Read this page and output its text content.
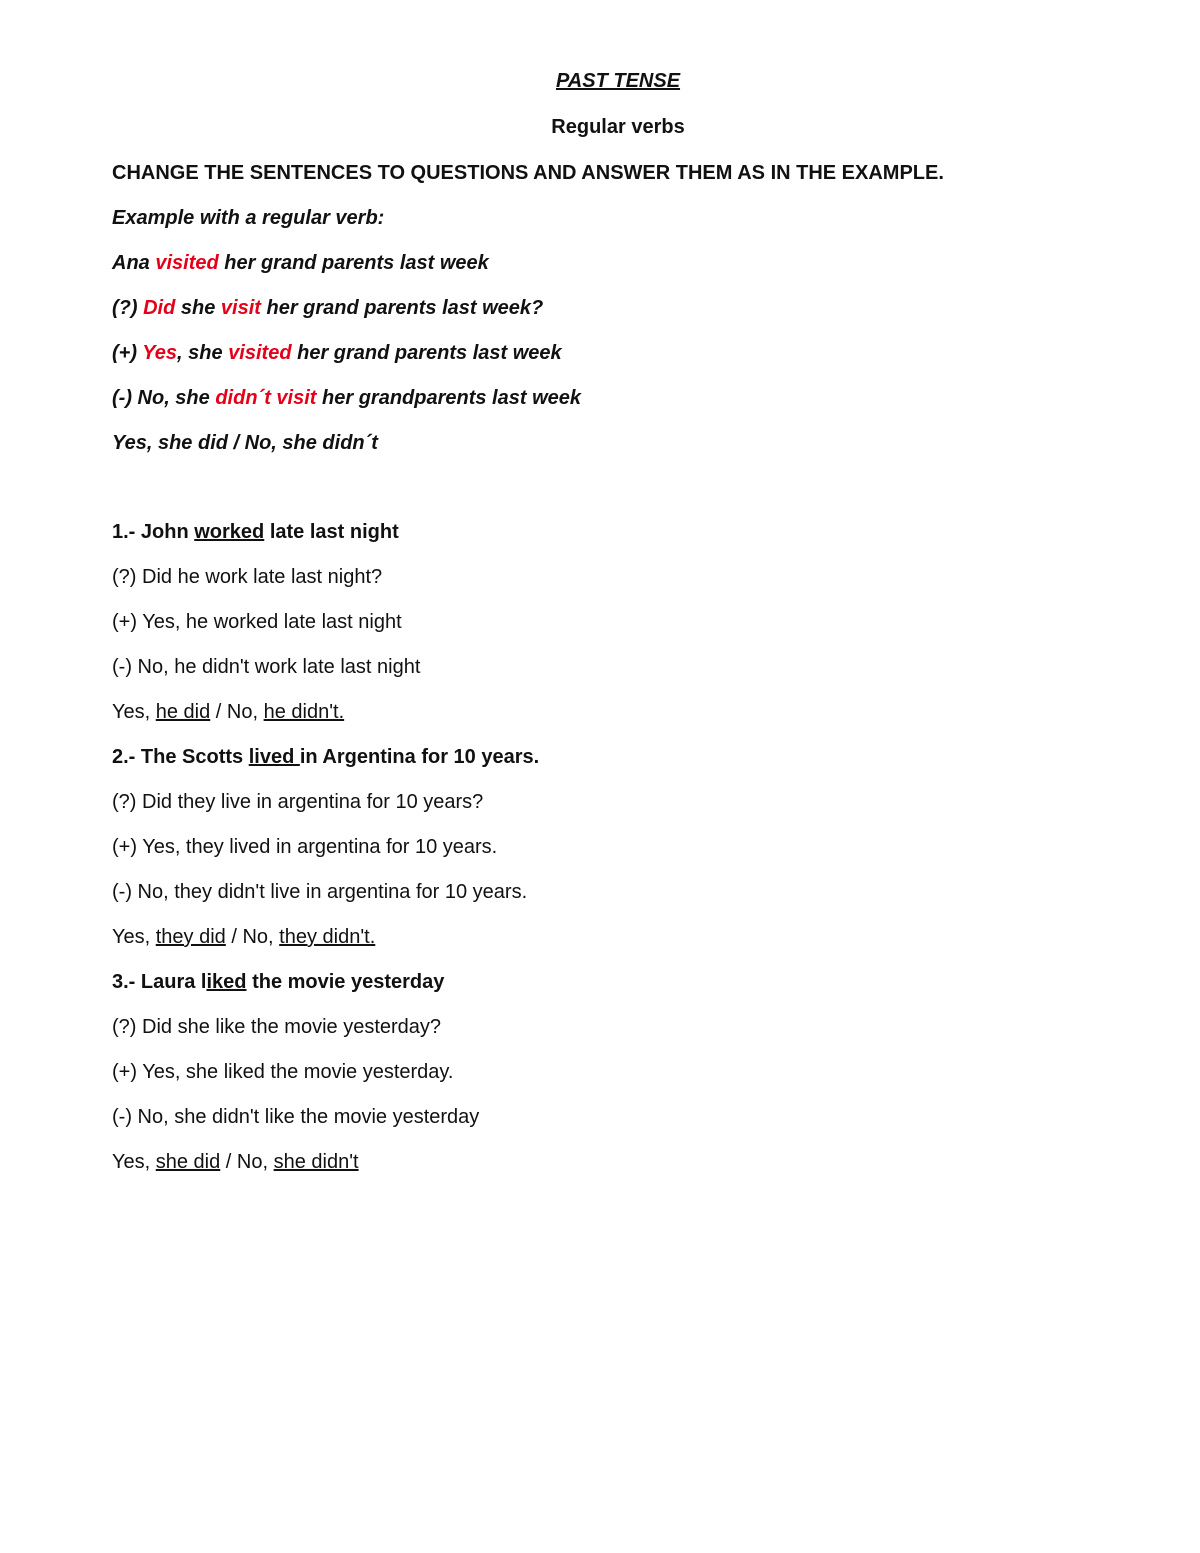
PAST TENSE
Regular verbs
CHANGE THE SENTENCES TO QUESTIONS AND ANSWER THEM AS IN THE EXAMPLE.
Example with a regular verb:
Ana visited her grand parents last week
(?) Did she visit her grand parents last week?
(+) Yes, she visited her grand parents last week
(-) No, she didn´t visit her grandparents last week
Yes, she did / No, she didn´t
1.- John worked late last night
(?) Did he work late last night?
(+) Yes, he worked late last night
(-) No, he didn't work late last night
Yes, he did / No, he didn't.
2.- The Scotts lived in Argentina for 10 years.
(?) Did they live in argentina for 10 years?
(+) Yes, they lived in argentina for 10 years.
(-) No, they didn't live in argentina for 10 years.
Yes, they did / No, they didn't.
3.- Laura liked the movie yesterday
(?) Did she like the movie yesterday?
(+) Yes, she liked the movie yesterday.
(-) No, she didn't like the movie yesterday
Yes, she did / No, she didn't
